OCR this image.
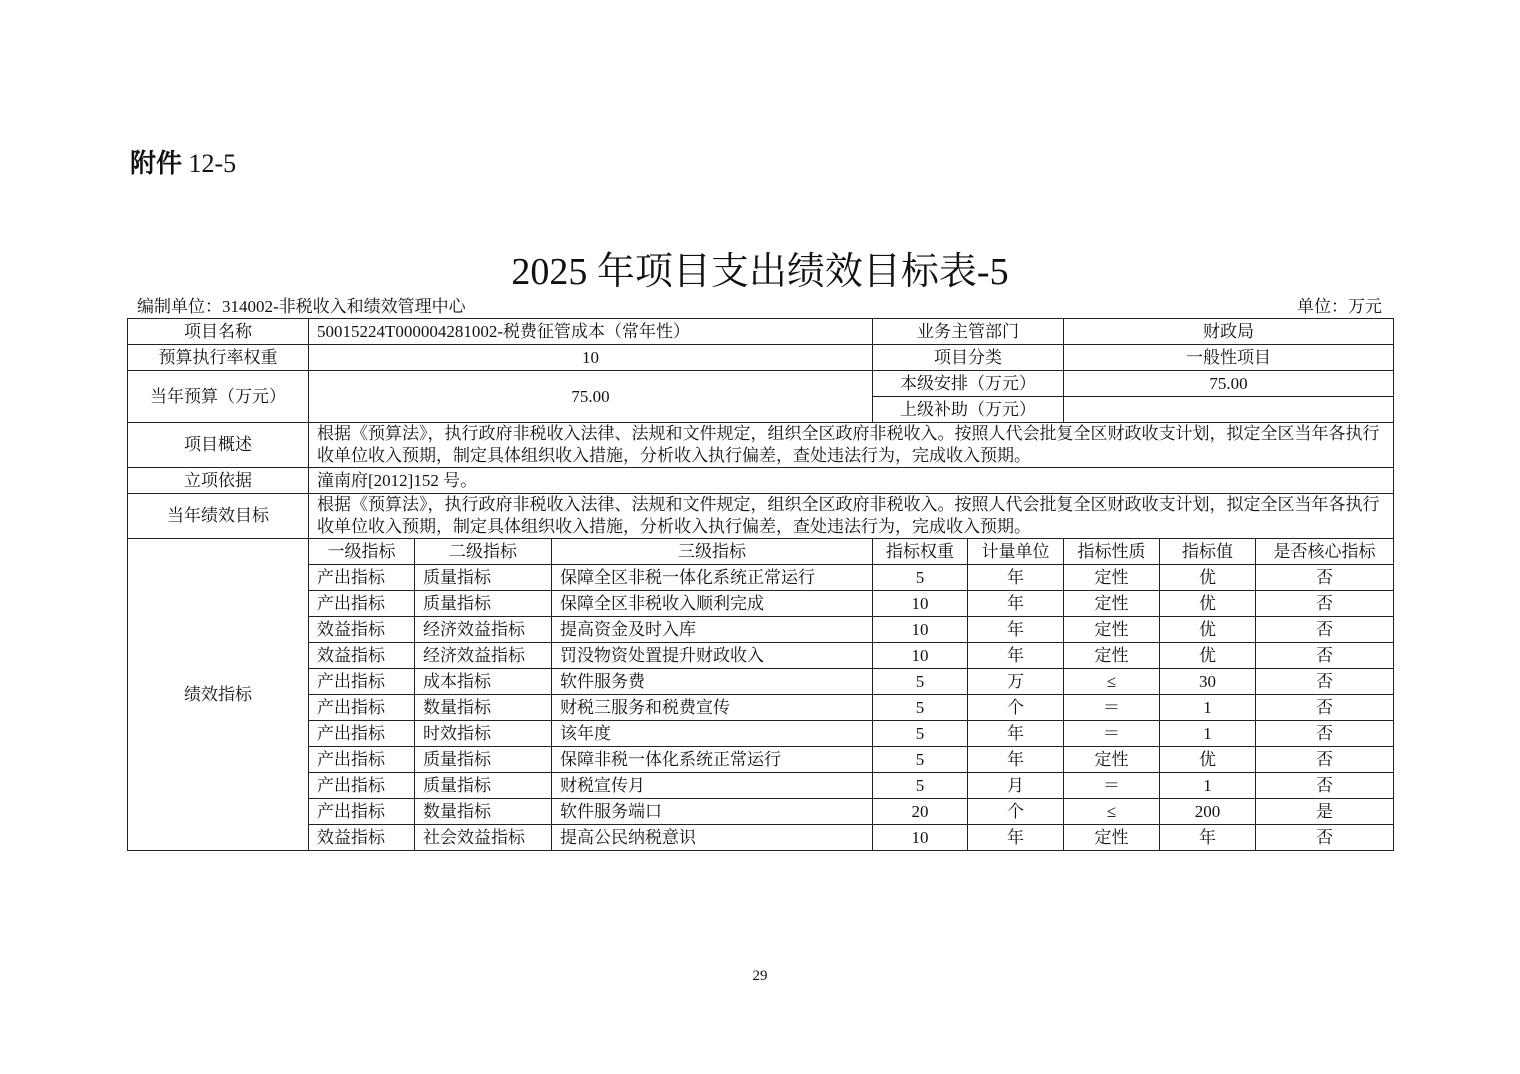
附件 12-5
2025 年项目支出绩效目标表-5
编制单位：314002-非税收入和绩效管理中心	单位：万元
项目名称	50015224T000004281002-税费征管成本（常年性）			业务主管部门		财政局		
预算执行率权重	10			项目分类		一般性项目		
当年预算（万元）	75.00			本级安排（万元）		75.00		
				上级补助（万元）				
项目概述	根据《预算法》，执行政府非税收入法律、法规和文件规定，组织全区政府非税收入。按照人代会批复全区财政收支计划，拟定全区当年各执行收单位收入预期，制定具体组织收入措施，分析收入执行偏差，查处违法行为，完成收入预期。							
立项依据	潼南府[2012]152 号。							
当年绩效目标	根据《预算法》，执行政府非税收入法律、法规和文件规定，组织全区政府非税收入。按照人代会批复全区财政收支计划，拟定全区当年各执行收单位收入预期，制定具体组织收入措施，分析收入执行偏差，查处违法行为，完成收入预期。							
绩效指标	一级指标	二级指标	三级指标	指标权重	计量单位	指标性质	指标值	是否核心指标
	产出指标	质量指标	保障全区非税一体化系统正常运行	5	年	定性	优	否
	产出指标	质量指标	保障全区非税收入顺利完成	10	年	定性	优	否
	效益指标	经济效益指标	提高资金及时入库	10	年	定性	优	否
	效益指标	经济效益指标	罚没物资处置提升财政收入	10	年	定性	优	否
	产出指标	成本指标	软件服务费	5	万	≤	30	否
	产出指标	数量指标	财税三服务和税费宣传	5	个	＝	1	否
	产出指标	时效指标	该年度	5	年	＝	1	否
	产出指标	质量指标	保障非税一体化系统正常运行	5	年	定性	优	否
	产出指标	质量指标	财税宣传月	5	月	＝	1	否
	产出指标	数量指标	软件服务端口	20	个	≤	200	是
	效益指标	社会效益指标	提高公民纳税意识	10	年	定性	年	否
29
